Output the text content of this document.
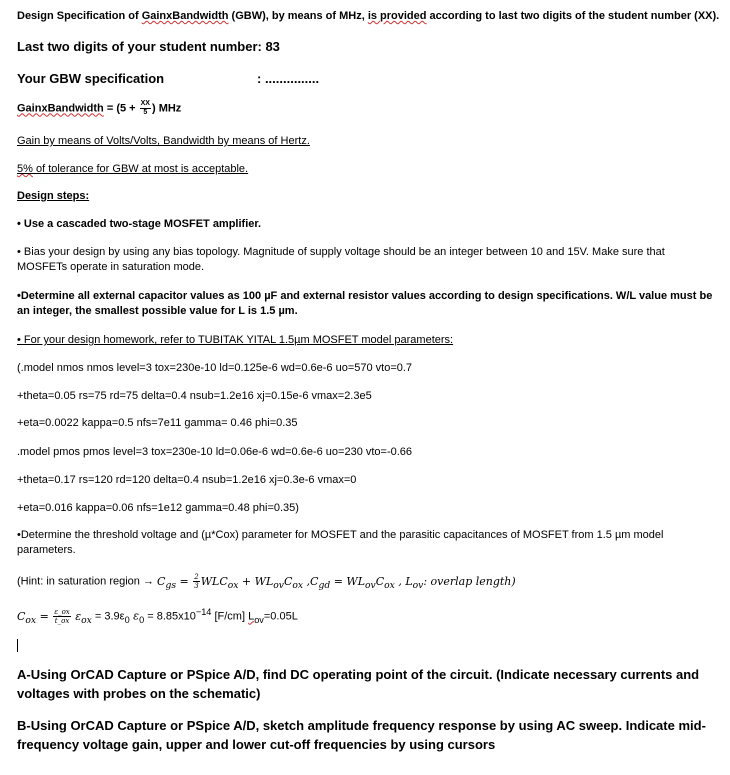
Design Specification of GainxBandwidth (GBW), by means of MHz, is provided according to last two digits of the student number (XX).
Last two digits of your student number: 83
Your GBW specification	: ...............
GainxBandwidth = ($5 + \frac{XX}{5}$ ) MHz
Gain by means of Volts/Volts, Bandwidth by means of Hertz.
5% of tolerance for GBW at most is acceptable.
Design steps:
• Use a cascaded two-stage MOSFET amplifier.
• Bias your design by using any bias topology. Magnitude of supply voltage should be an integer between 10 and 15V. Make sure that MOSFETs operate in saturation mode.
•Determine all external capacitor values as 100 µF and external resistor values according to design specifications. W/L value must be an integer, the smallest possible value for L is 1.5 µm.
• For your design homework, refer to TUBITAK YITAL 1.5µm MOSFET model parameters:
(.model nmos nmos level=3 tox=230e-10 ld=0.125e-6 wd=0.6e-6 uo=570 vto=0.7
+theta=0.05 rs=75 rd=75 delta=0.4 nsub=1.2e16 xj=0.15e-6 vmax=2.3e5
+eta=0.0022 kappa=0.5 nfs=7e11 gamma= 0.46 phi=0.35
.model pmos pmos level=3 tox=230e-10 ld=0.06e-6 wd=0.6e-6 uo=230 vto=-0.66
+theta=0.17 rs=120 rd=120 delta=0.4 nsub=1.2e16 xj=0.3e-6 vmax=0
+eta=0.016 kappa=0.06 nfs=1e12 gamma=0.48 phi=0.35)
•Determine the threshold voltage and (µ*Cox) parameter for MOSFET and the parasitic capacitances of MOSFET from 1.5 µm model parameters.
(Hint: in saturation region → $C_{gs} = \frac{2}{3} WLC_{ox} + WL_{ov}C_{ox}$ $,C_{gd} = WL_{ov}C_{ox}$ , $L_{ov}$: overlap length)
$C_{ox} = \frac{\varepsilon\_ox}{t\_ox} \varepsilon_{ox} = 3.9\varepsilon_0$ $\varepsilon_0 = 8.85x10^{-14}$ [F/cm] $L_{ov}=0.05L$
A-Using OrCAD Capture or PSpice A/D, find DC operating point of the circuit. (Indicate necessary currents and voltages with probes on the schematic)
B-Using OrCAD Capture or PSpice A/D, sketch amplitude frequency response by using AC sweep. Indicate mid-frequency voltage gain, upper and lower cut-off frequencies by using cursors
